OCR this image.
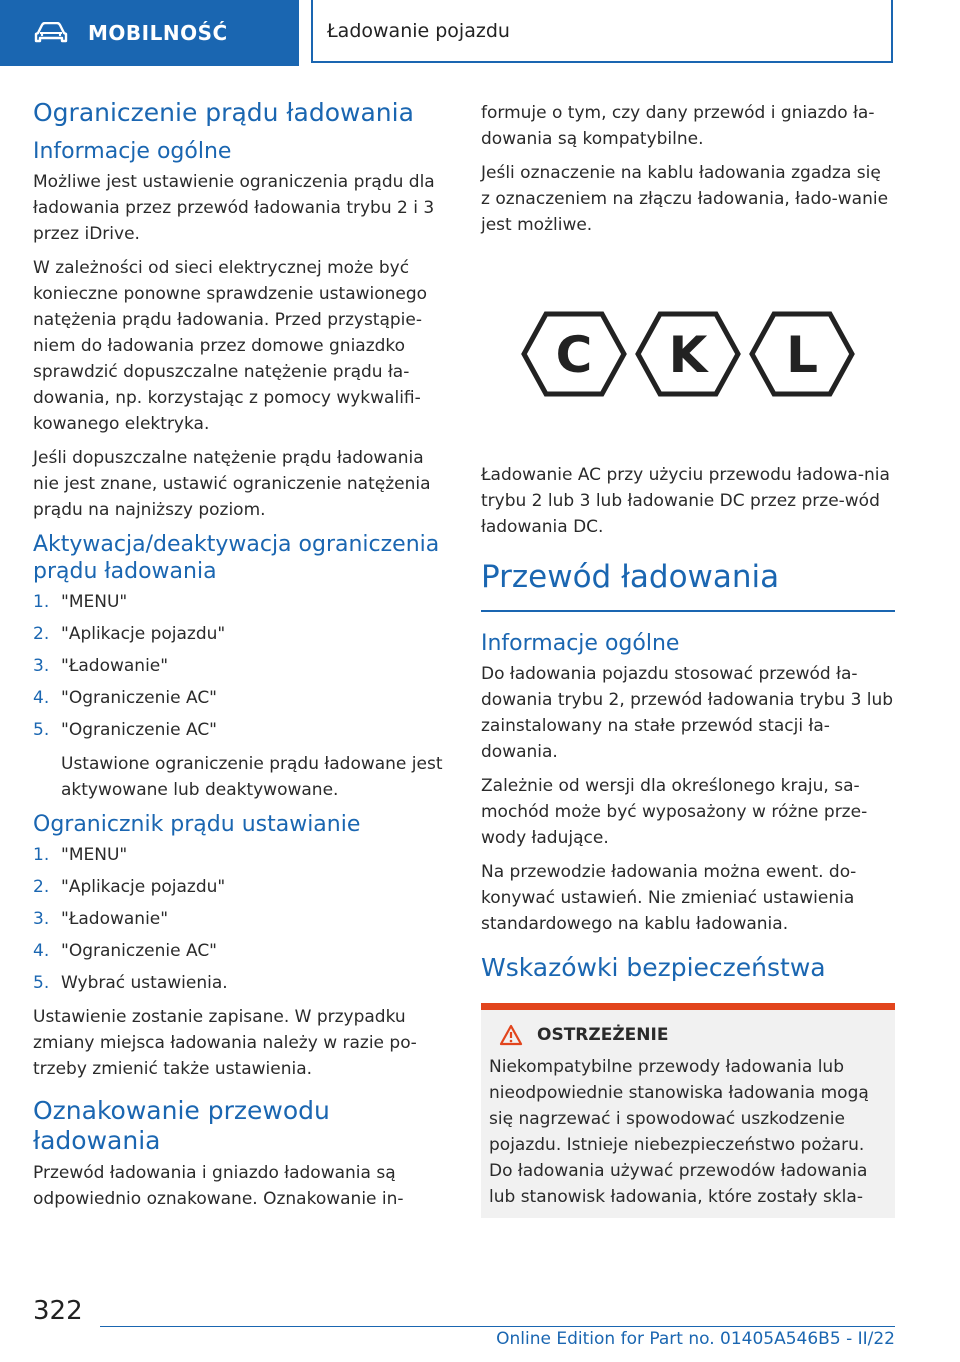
MOBILNOŚĆ	Ładowanie pojazdu
Ograniczenie prądu ładowania
Informacje ogólne

Możliwe jest ustawienie ograniczenia prądu dla ładowania przez przewód ładowania trybu 2 i 3 przez iDrive.

W zależności od sieci elektrycznej może być konieczne ponowne sprawdzenie ustawionego natężenia prądu ładowania. Przed przystąpie‐niem do ładowania przez domowe gniazdko sprawdzić dopuszczalne natężenie prądu ła‐dowania, np. korzystając z pomocy wykwalifi‐kowanego elektryka.

Jeśli dopuszczalne natężenie prądu ładowania nie jest znane, ustawić ograniczenie natężenia prądu na najniższy poziom.

Aktywacja/deaktywacja ograniczenia prądu ładowania
1. "MENU"
2. "Aplikacje pojazdu"
3. "Ładowanie"
4. "Ograniczenie AC"
5. "Ograniczenie AC"

Ustawione ograniczenie prądu ładowane jest aktywowane lub deaktywowane.

Ogranicznik prądu ustawianie
1. "MENU"
2. "Aplikacje pojazdu"
3. "Ładowanie"
4. "Ograniczenie AC"
5. Wybrać ustawienia.

Ustawienie zostanie zapisane. W przypadku zmiany miejsca ładowania należy w razie po‐trzeby zmienić także ustawienia.

Oznakowanie przewodu ładowania

Przewód ładowania i gniazdo ładowania są odpowiednio oznakowane. Oznakowanie in‐

formuje o tym, czy dany przewód i gniazdo ła‐dowania są kompatybilne.

Jeśli oznaczenie na kablu ładowania zgadza się z oznaczeniem na złączu ładowania, łado‐wanie jest możliwe.

C K L

Ładowanie AC przy użyciu przewodu ładowa‐nia trybu 2 lub 3 lub ładowanie DC przez prze‐wód ładowania DC.

Przewód ładowania
Informacje ogólne

Do ładowania pojazdu stosować przewód ła‐dowania trybu 2, przewód ładowania trybu 3 lub zainstalowany na stałe przewód stacji ła‐dowania.

Zależnie od wersji dla określonego kraju, sa‐mochód może być wyposażony w różne prze‐wody ładujące.

Na przewodzie ładowania można ewent. do‐konywać ustawień. Nie zmieniać ustawienia standardowego na kablu ładowania.

Wskazówki bezpieczeństwa
OSTRZEŻENIE

Niekompatybilne przewody ładowania lub nieodpowiednie stanowiska ładowania mogą się nagrzewać i spowodować uszkodzenie pojazdu. Istnieje niebezpieczeństwo pożaru. Do ładowania używać przewodów ładowania lub stanowisk ładowania, które zostały skla‐

322
Online Edition for Part no. 01405A546B5 - II/22
